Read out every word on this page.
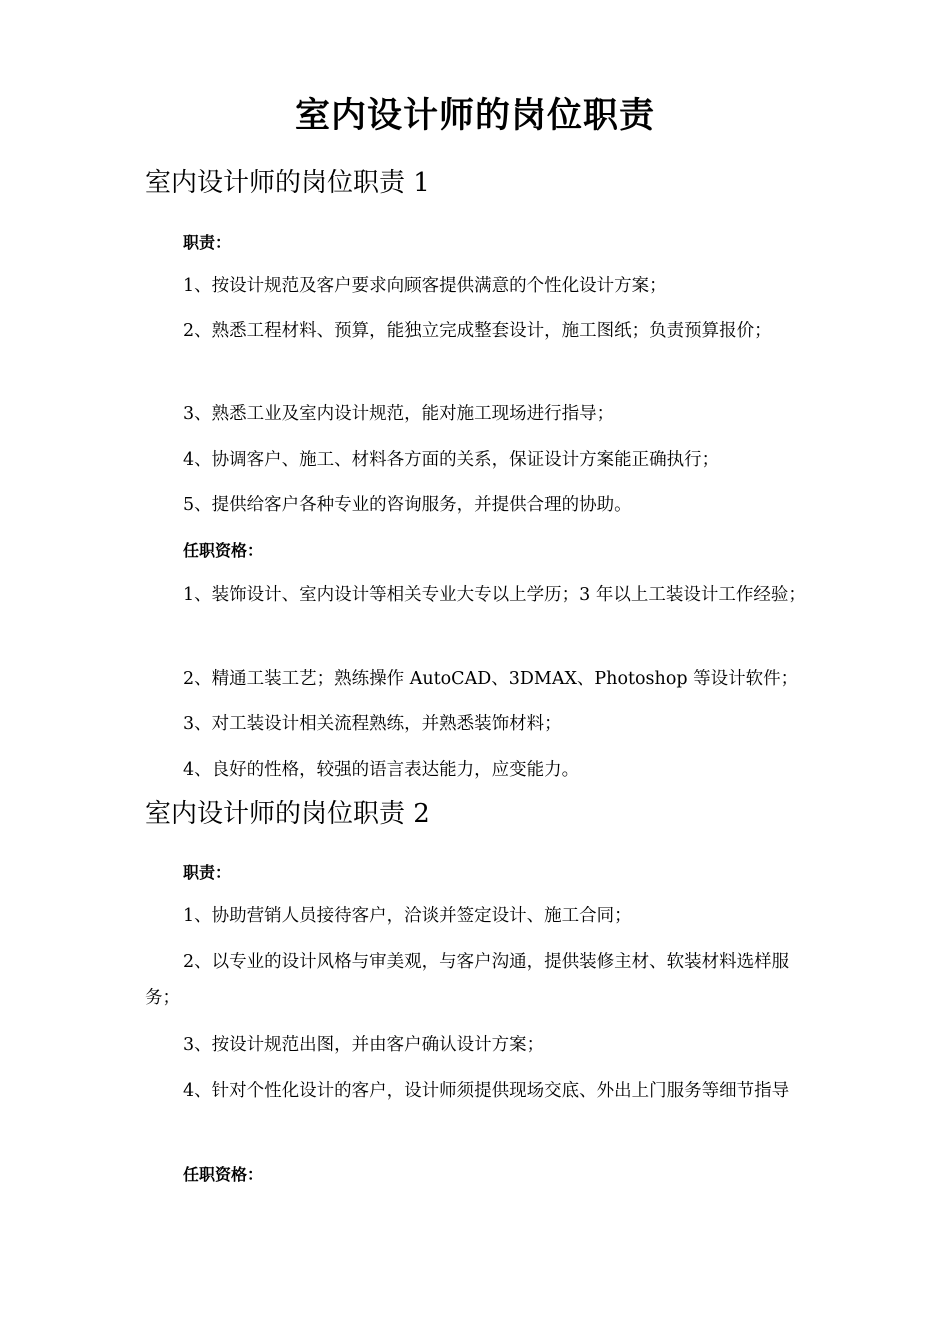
室内设计师的岗位职责
室内设计师的岗位职责 1
职责：

1、按设计规范及客户要求向顾客提供满意的个性化设计方案；

2、熟悉工程材料、预算，能独立完成整套设计，施工图纸；负责预算报价；

3、熟悉工业及室内设计规范，能对施工现场进行指导；

4、协调客户、施工、材料各方面的关系，保证设计方案能正确执行；

5、提供给客户各种专业的咨询服务，并提供合理的协助。

任职资格：

1、装饰设计、室内设计等相关专业大专以上学历；3 年以上工装设计工作经验；

2、精通工装工艺；熟练操作 AutoCAD、3DMAX、Photoshop 等设计软件；

3、对工装设计相关流程熟练，并熟悉装饰材料；

4、良好的性格，较强的语言表达能力，应变能力。

室内设计师的岗位职责 2
职责：

1、协助营销人员接待客户，洽谈并签定设计、施工合同；

2、以专业的设计风格与审美观，与客户沟通，提供装修主材、软装材料选样服务；

3、按设计规范出图，并由客户确认设计方案；

4、针对个性化设计的客户，设计师须提供现场交底、外出上门服务等细节指导

任职资格：
